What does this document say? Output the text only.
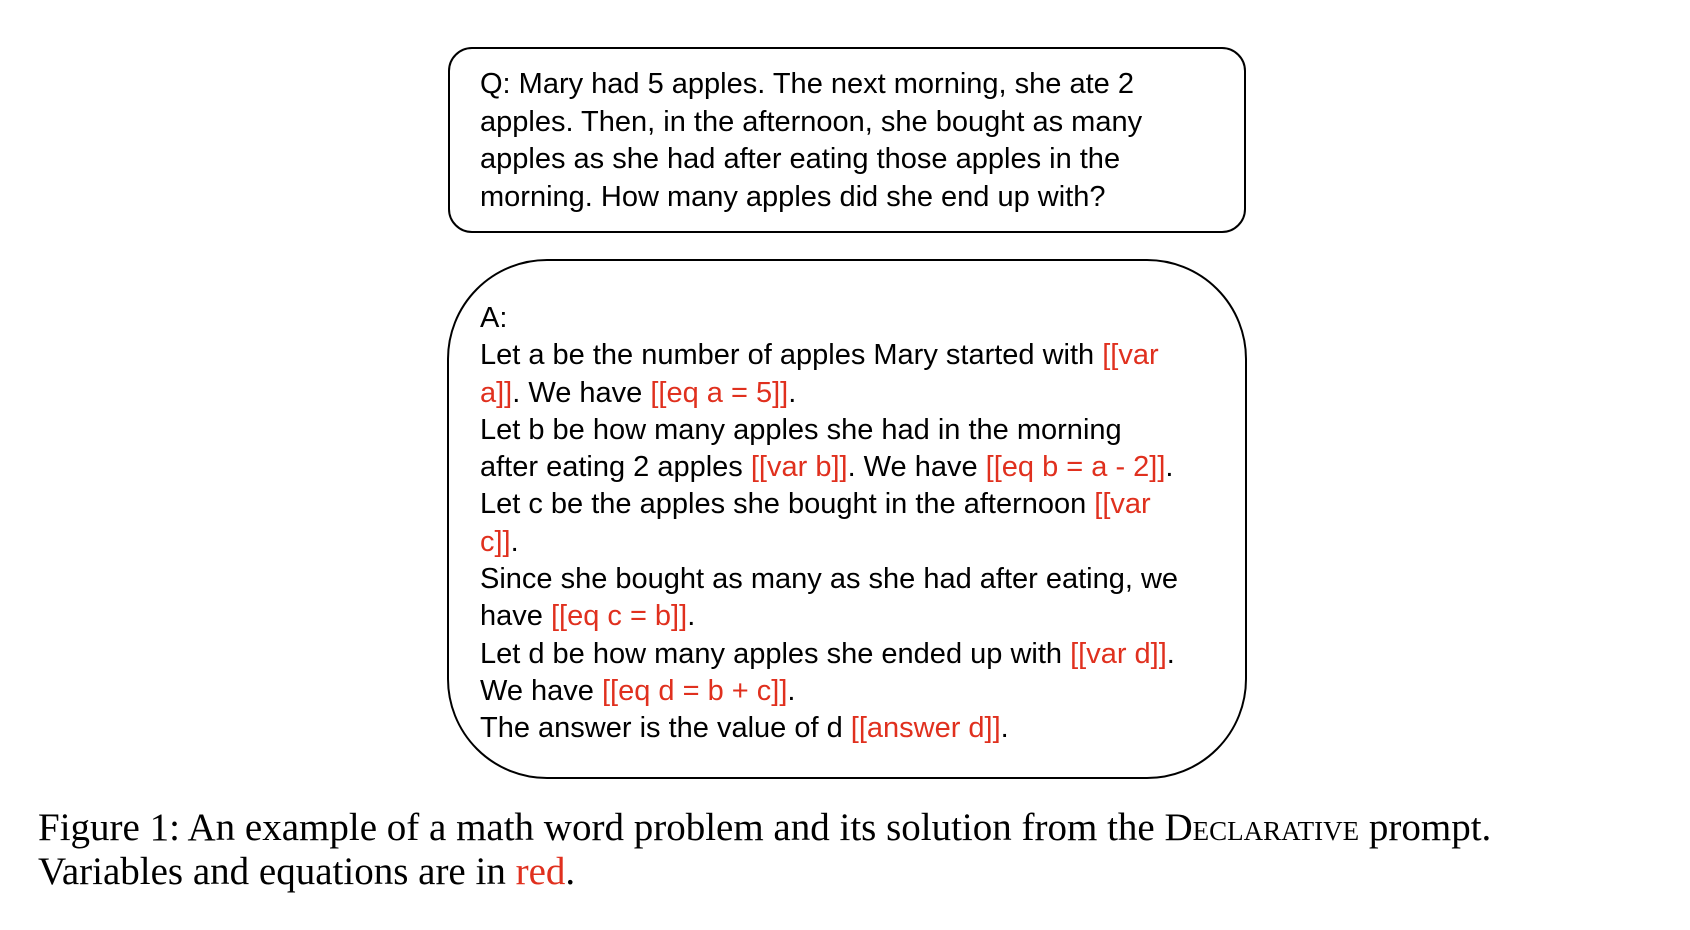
Q: Mary had 5 apples. The next morning, she ate 2
apples. Then, in the afternoon, she bought as many
apples as she had after eating those apples in the
morning. How many apples did she end up with?
A:
Let a be the number of apples Mary started with [[var
a]]. We have [[eq a = 5]].
Let b be how many apples she had in the morning
after eating 2 apples [[var b]]. We have [[eq b = a - 2]].
Let c be the apples she bought in the afternoon [[var
c]].
Since she bought as many as she had after eating, we
have [[eq c = b]].
Let d be how many apples she ended up with [[var d]].
We have [[eq d = b + c]].
The answer is the value of d [[answer d]].
Figure 1: An example of a math word problem and its solution from the Declarative prompt.
Variables and equations are in red.
